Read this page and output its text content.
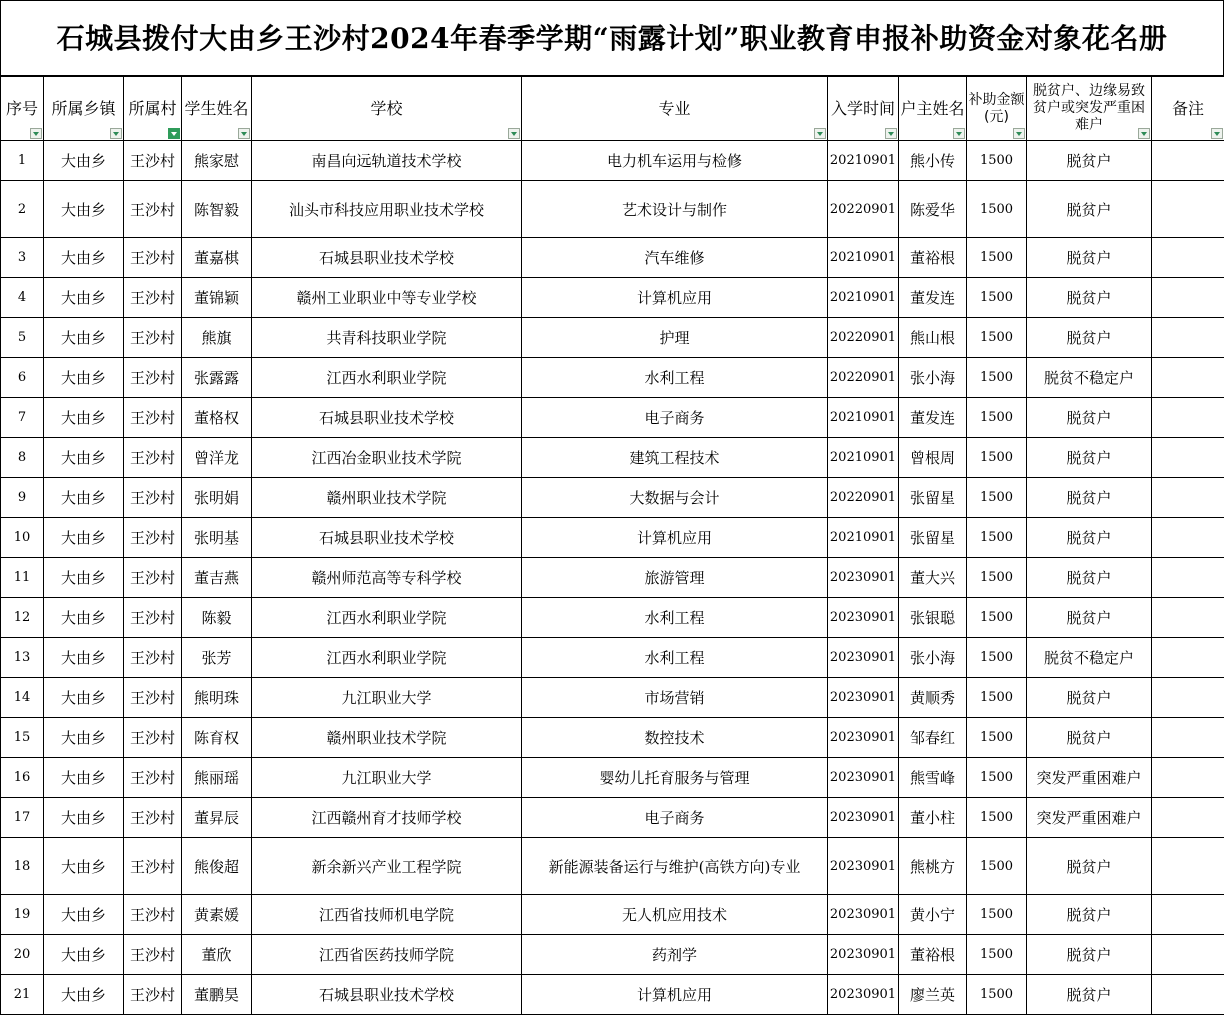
石城县拨付大由乡王沙村2024年春季学期“雨露计划”职业教育申报补助资金对象花名册
序号	所属乡镇	所属村	学生姓名	学校	专业	入学时间	户主姓名	补助金额(元)	脱贫户、边缘易致贫户或突发严重困难户	备注

1	大由乡	王沙村	熊家慰	南昌向远轨道技术学校	电力机车运用与检修	20210901	熊小传	1500	脱贫户	
2	大由乡	王沙村	陈智毅	汕头市科技应用职业技术学校	艺术设计与制作	20220901	陈爱华	1500	脱贫户	
3	大由乡	王沙村	董嘉棋	石城县职业技术学校	汽车维修	20210901	董裕根	1500	脱贫户	
4	大由乡	王沙村	董锦颖	赣州工业职业中等专业学校	计算机应用	20210901	董发连	1500	脱贫户	
5	大由乡	王沙村	熊旗	共青科技职业学院	护理	20220901	熊山根	1500	脱贫户	
6	大由乡	王沙村	张露露	江西水利职业学院	水利工程	20220901	张小海	1500	脱贫不稳定户	
7	大由乡	王沙村	董格权	石城县职业技术学校	电子商务	20210901	董发连	1500	脱贫户	
8	大由乡	王沙村	曾洋龙	江西冶金职业技术学院	建筑工程技术	20210901	曾根周	1500	脱贫户	
9	大由乡	王沙村	张明娟	赣州职业技术学院	大数据与会计	20220901	张留星	1500	脱贫户	
10	大由乡	王沙村	张明基	石城县职业技术学校	计算机应用	20210901	张留星	1500	脱贫户	
11	大由乡	王沙村	董吉燕	赣州师范高等专科学校	旅游管理	20230901	董大兴	1500	脱贫户	
12	大由乡	王沙村	陈毅	江西水利职业学院	水利工程	20230901	张银聪	1500	脱贫户	
13	大由乡	王沙村	张芳	江西水利职业学院	水利工程	20230901	张小海	1500	脱贫不稳定户	
14	大由乡	王沙村	熊明珠	九江职业大学	市场营销	20230901	黄顺秀	1500	脱贫户	
15	大由乡	王沙村	陈育权	赣州职业技术学院	数控技术	20230901	邹春红	1500	脱贫户	
16	大由乡	王沙村	熊丽瑶	九江职业大学	婴幼儿托育服务与管理	20230901	熊雪峰	1500	突发严重困难户	
17	大由乡	王沙村	董昇辰	江西赣州育才技师学校	电子商务	20230901	董小柱	1500	突发严重困难户	
18	大由乡	王沙村	熊俊超	新余新兴产业工程学院	新能源装备运行与维护(高铁方向)专业	20230901	熊桃方	1500	脱贫户	
19	大由乡	王沙村	黄素媛	江西省技师机电学院	无人机应用技术	20230901	黄小宁	1500	脱贫户	
20	大由乡	王沙村	董欣	江西省医药技师学院	药剂学	20230901	董裕根	1500	脱贫户	
21	大由乡	王沙村	董鹏昊	石城县职业技术学校	计算机应用	20230901	廖兰英	1500	脱贫户	
